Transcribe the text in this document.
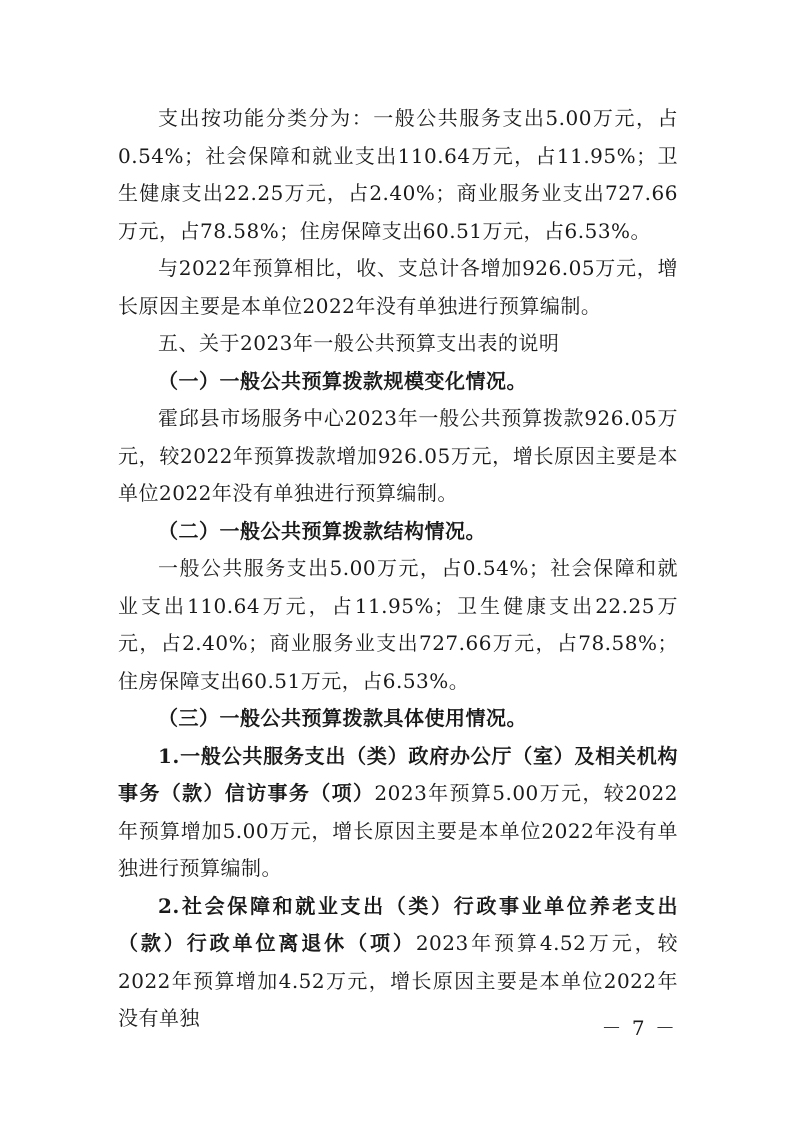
支出按功能分类分为：一般公共服务支出5.00万元，占0.54%；社会保障和就业支出110.64万元，占11.95%；卫生健康支出22.25万元，占2.40%；商业服务业支出727.66万元，占78.58%；住房保障支出60.51万元，占6.53%。

与2022年预算相比，收、支总计各增加926.05万元，增长原因主要是本单位2022年没有单独进行预算编制。

五、关于2023年一般公共预算支出表的说明

（一）一般公共预算拨款规模变化情况。

霍邱县市场服务中心2023年一般公共预算拨款926.05万元，较2022年预算拨款增加926.05万元，增长原因主要是本单位2022年没有单独进行预算编制。

（二）一般公共预算拨款结构情况。

一般公共服务支出5.00万元，占0.54%；社会保障和就业支出110.64万元，占11.95%；卫生健康支出22.25万元，占2.40%；商业服务业支出727.66万元，占78.58%；住房保障支出60.51万元，占6.53%。

（三）一般公共预算拨款具体使用情况。

1.一般公共服务支出（类）政府办公厅（室）及相关机构事务（款）信访事务（项）2023年预算5.00万元，较2022年预算增加5.00万元，增长原因主要是本单位2022年没有单独进行预算编制。

2.社会保障和就业支出（类）行政事业单位养老支出（款）行政单位离退休（项）2023年预算4.52万元，较2022年预算增加4.52万元，增长原因主要是本单位2022年没有单独	－ 7 －
